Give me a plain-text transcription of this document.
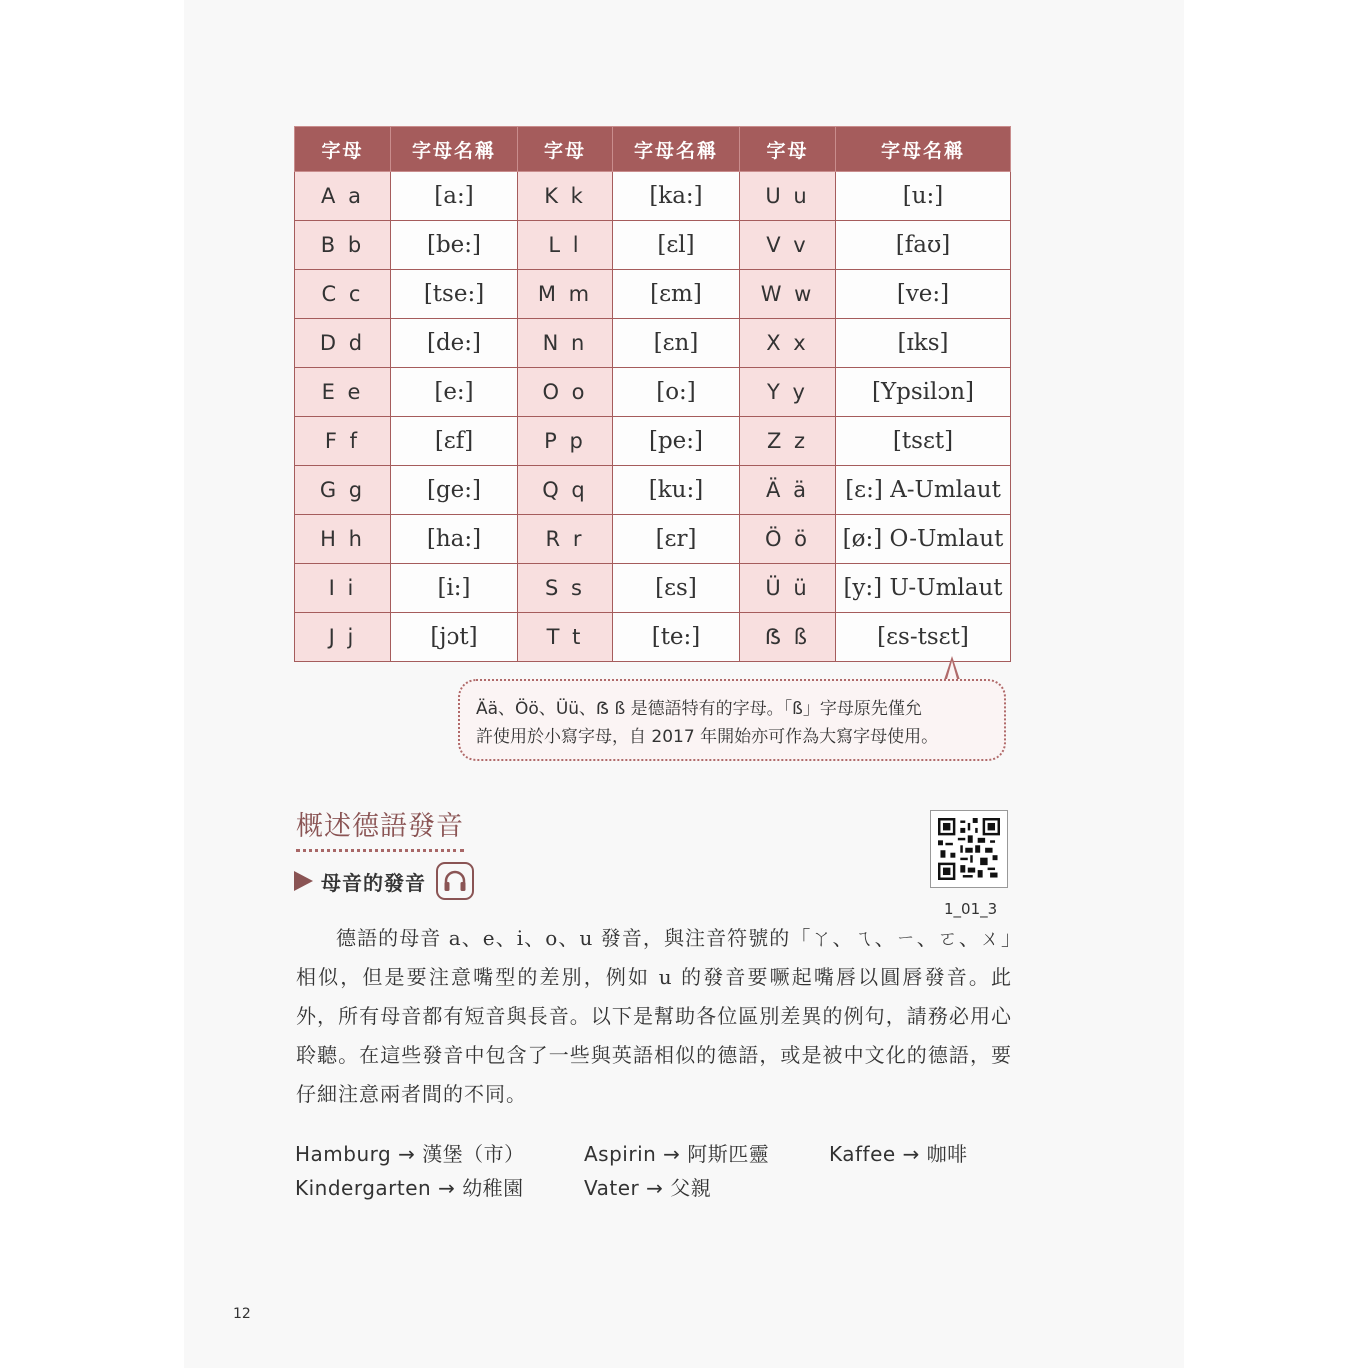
字母	字母名稱	字母	字母名稱	字母	字母名稱
A a	[a:]	K k	[ka:]	U u	[u:]
B b	[be:]	L l	[ɛl]	V v	[faʊ]
C c	[tse:]	M m	[ɛm]	W w	[ve:]
D d	[de:]	N n	[ɛn]	X x	[ɪks]
E e	[e:]	O o	[o:]	Y y	[Ypsilɔn]
F f	[ɛf]	P p	[pe:]	Z z	[tsɛt]
G g	[ge:]	Q q	[ku:]	Ä ä	[ɛ:] A-Umlaut
H h	[ha:]	R r	[ɛr]	Ö ö	[ø:] O-Umlaut
I i	[i:]	S s	[ɛs]	Ü ü	[y:] U-Umlaut
J j	[jɔt]	T t	[te:]	ẞ ß	[ɛs-tsɛt]
Ää、Öö、Üü、ẞ ß 是德語特有的字母。「ß」字母原先僅允
許使用於小寫字母，自 2017 年開始亦可作為大寫字母使用。
概述德語發音
1_01_3
母音的發音
德語的母音 a、e、i、o、u 發音，與注音符號的「ㄚ、ㄟ、ㄧ、ㄛ、ㄨ」相似，但是要注意嘴型的差別，例如 u 的發音要噘起嘴唇以圓唇發音。此外，所有母音都有短音與長音。以下是幫助各位區別差異的例句，請務必用心聆聽。在這些發音中包含了一些與英語相似的德語，或是被中文化的德語，要仔細注意兩者間的不同。
Hamburg → 漢堡（市）	Aspirin → 阿斯匹靈	Kaffee → 咖啡
Kindergarten → 幼稚園	Vater → 父親
12
